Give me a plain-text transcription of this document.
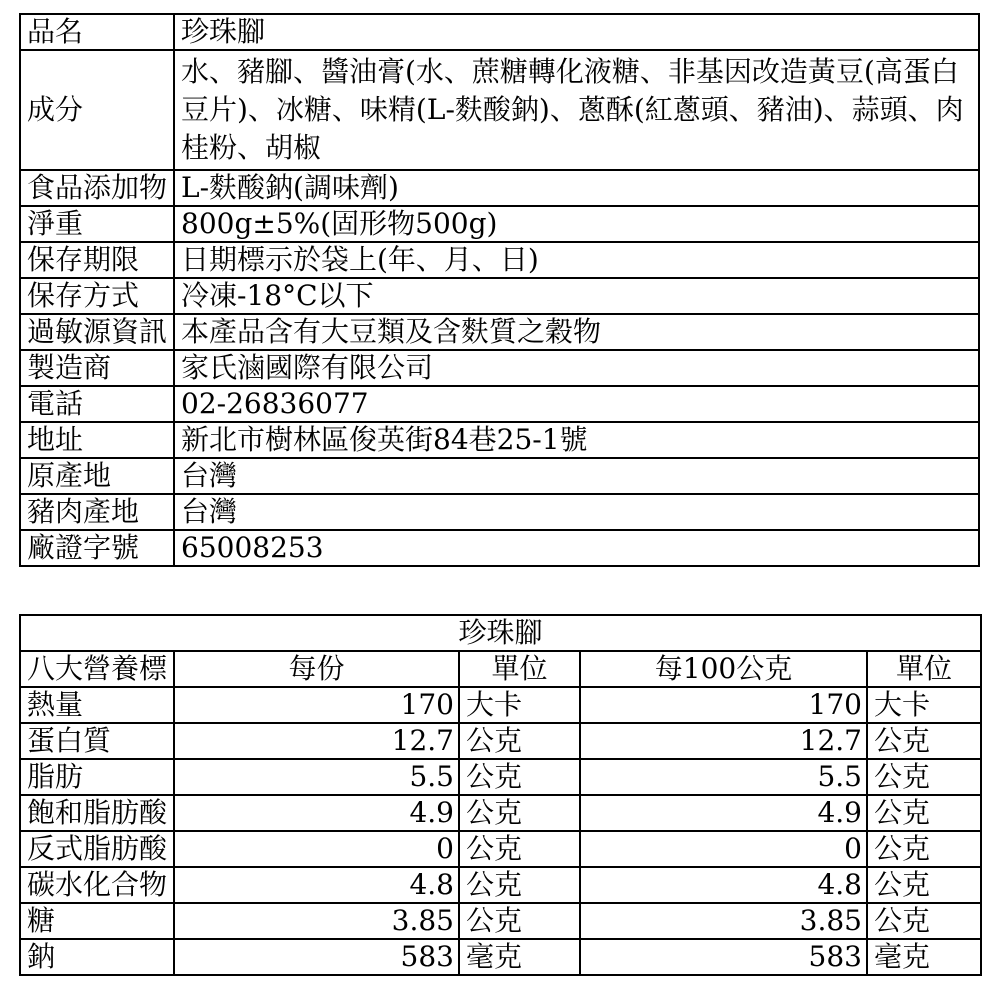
品名	珍珠腳
成分	水、豬腳、醬油膏(水、蔗糖轉化液糖、非基因改造黃豆(高蛋白豆片)、冰糖、味精(L-麩酸鈉)、蔥酥(紅蔥頭、豬油)、蒜頭、肉桂粉、胡椒
食品添加物	L-麩酸鈉(調味劑)
淨重	800g±5%(固形物500g)
保存期限	日期標示於袋上(年、月、日)
保存方式	冷凍-18°C以下
過敏源資訊	本產品含有大豆類及含麩質之穀物
製造商	家氏滷國際有限公司
電話	02-26836077
地址	新北市樹林區俊英街84巷25-1號
原產地	台灣
豬肉產地	台灣
廠證字號	65008253
珍珠腳				
八大營養標	每份	單位	每100公克	單位
熱量	170	大卡	170	大卡
蛋白質	12.7	公克	12.7	公克
脂肪	5.5	公克	5.5	公克
飽和脂肪酸	4.9	公克	4.9	公克
反式脂肪酸	0	公克	0	公克
碳水化合物	4.8	公克	4.8	公克
糖	3.85	公克	3.85	公克
鈉	583	毫克	583	毫克
